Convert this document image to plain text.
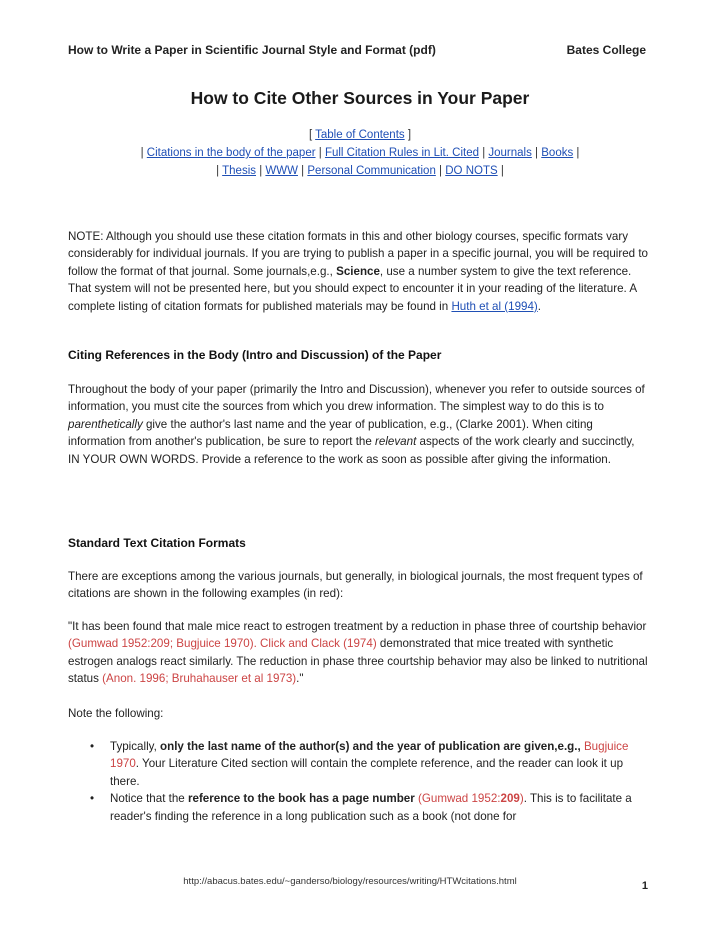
How to Write a Paper in Scientific Journal Style and Format (pdf)	Bates College
How to Cite Other Sources in Your Paper
[ Table of Contents ]
| Citations in the body of the paper | Full Citation Rules in Lit. Cited | Journals | Books |
| Thesis | WWW | Personal Communication | DO NOTS |

NOTE: Although you should use these citation formats in this and other biology courses, specific formats vary considerably for individual journals. If you are trying to publish a paper in a specific journal, you will be required to follow the format of that journal. Some journals,e.g., Science, use a number system to give the text reference. That system will not be presented here, but you should expect to encounter it in your reading of the literature. A complete listing of citation formats for published materials may be found in Huth et al (1994).

Citing References in the Body (Intro and Discussion) of the Paper

Throughout the body of your paper (primarily the Intro and Discussion), whenever you refer to outside sources of information, you must cite the sources from which you drew information. The simplest way to do this is to parenthetically give the author's last name and the year of publication, e.g., (Clarke 2001). When citing information from another's publication, be sure to report the relevant aspects of the work clearly and succinctly, IN YOUR OWN WORDS. Provide a reference to the work as soon as possible after giving the information.

Standard Text Citation Formats

There are exceptions among the various journals, but generally, in biological journals, the most frequent types of citations are shown in the following examples (in red):

"It has been found that male mice react to estrogen treatment by a reduction in phase three of courtship behavior (Gumwad 1952:209; Bugjuice 1970). Click and Clack (1974) demonstrated that mice treated with synthetic estrogen analogs react similarly. The reduction in phase three courtship behavior may also be linked to nutritional status (Anon. 1996; Bruhahauser et al 1973)."

Note the following:

• Typically, only the last name of the author(s) and the year of publication are given,e.g., Bugjuice 1970. Your Literature Cited section will contain the complete reference, and the reader can look it up there.
• Notice that the reference to the book has a page number (Gumwad 1952:209). This is to facilitate a reader's finding the reference in a long publication such as a book (not done for
http://abacus.bates.edu/~ganderso/biology/resources/writing/HTWcitations.html	1
